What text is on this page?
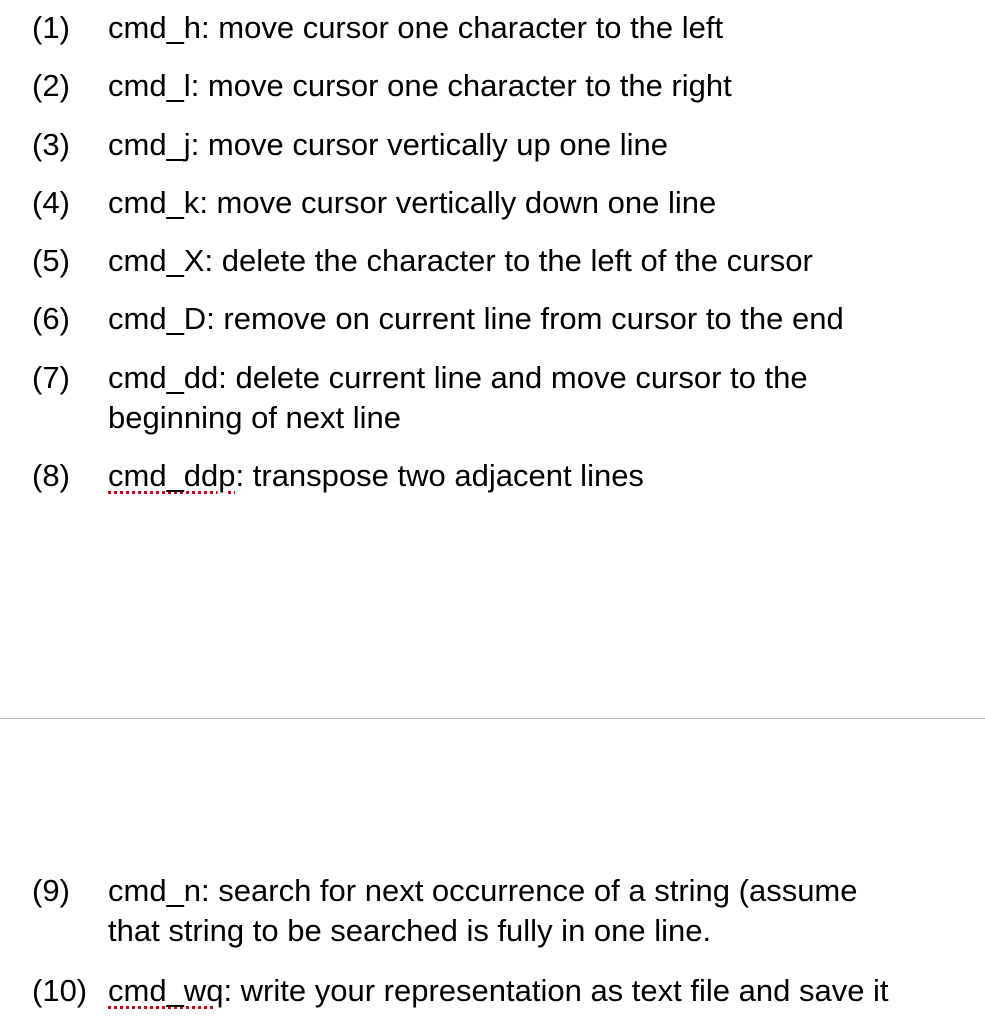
(1) cmd_h: move cursor one character to the left
(2) cmd_l: move cursor one character to the right
(3) cmd_j: move cursor vertically up one line
(4) cmd_k: move cursor vertically down one line
(5) cmd_X: delete the character to the left of the cursor
(6) cmd_D: remove on current line from cursor to the end
(7) cmd_dd: delete current line and move cursor to the
beginning of next line
(8) cmd_ddp: transpose two adjacent lines
(9) cmd_n: search for next occurrence of a string (assume
that string to be searched is fully in one line.
(10) cmd_wq: write your representation as text file and save it
